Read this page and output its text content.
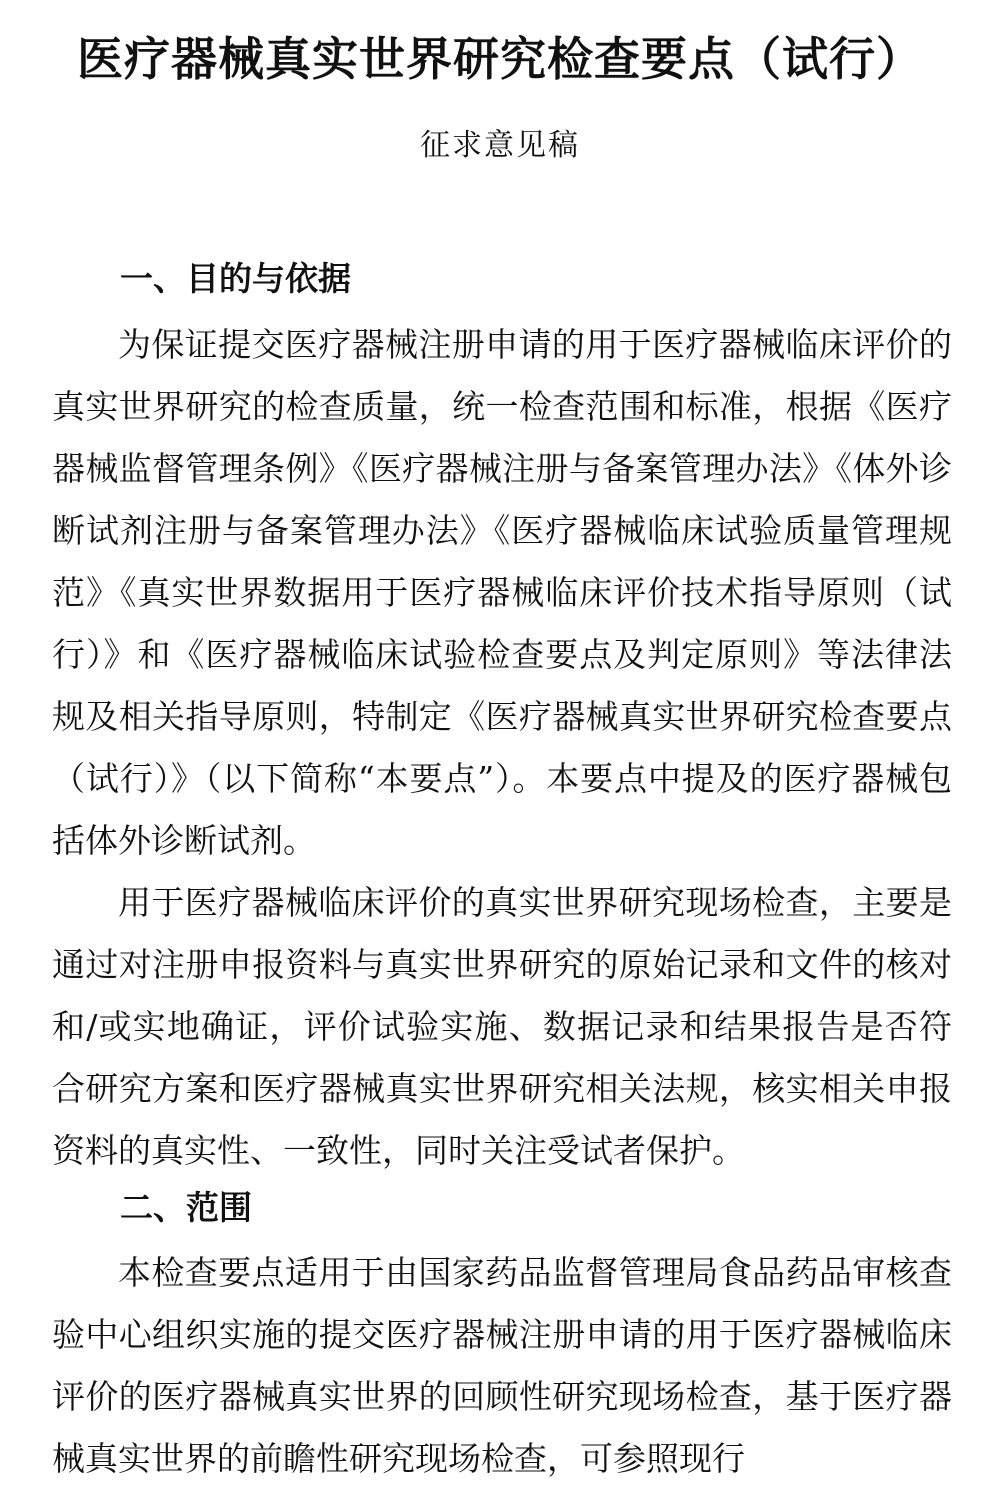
医疗器械真实世界研究检查要点（试行）
征求意见稿
一、目的与依据

为保证提交医疗器械注册申请的用于医疗器械临床评价的真实世界研究的检查质量，统一检查范围和标准，根据《医疗器械监督管理条例》《医疗器械注册与备案管理办法》《体外诊断试剂注册与备案管理办法》《医疗器械临床试验质量管理规范》《真实世界数据用于医疗器械临床评价技术指导原则（试行）》和《医疗器械临床试验检查要点及判定原则》等法律法规及相关指导原则，特制定《医疗器械真实世界研究检查要点（试行）》（以下简称“本要点”）。本要点中提及的医疗器械包括体外诊断试剂。

用于医疗器械临床评价的真实世界研究现场检查，主要是通过对注册申报资料与真实世界研究的原始记录和文件的核对和/或实地确证，评价试验实施、数据记录和结果报告是否符合研究方案和医疗器械真实世界研究相关法规，核实相关申报资料的真实性、一致性，同时关注受试者保护。

二、范围

本检查要点适用于由国家药品监督管理局食品药品审核查验中心组织实施的提交医疗器械注册申请的用于医疗器械临床评价的医疗器械真实世界的回顾性研究现场检查，基于医疗器械真实世界的前瞻性研究现场检查，可参照现行
